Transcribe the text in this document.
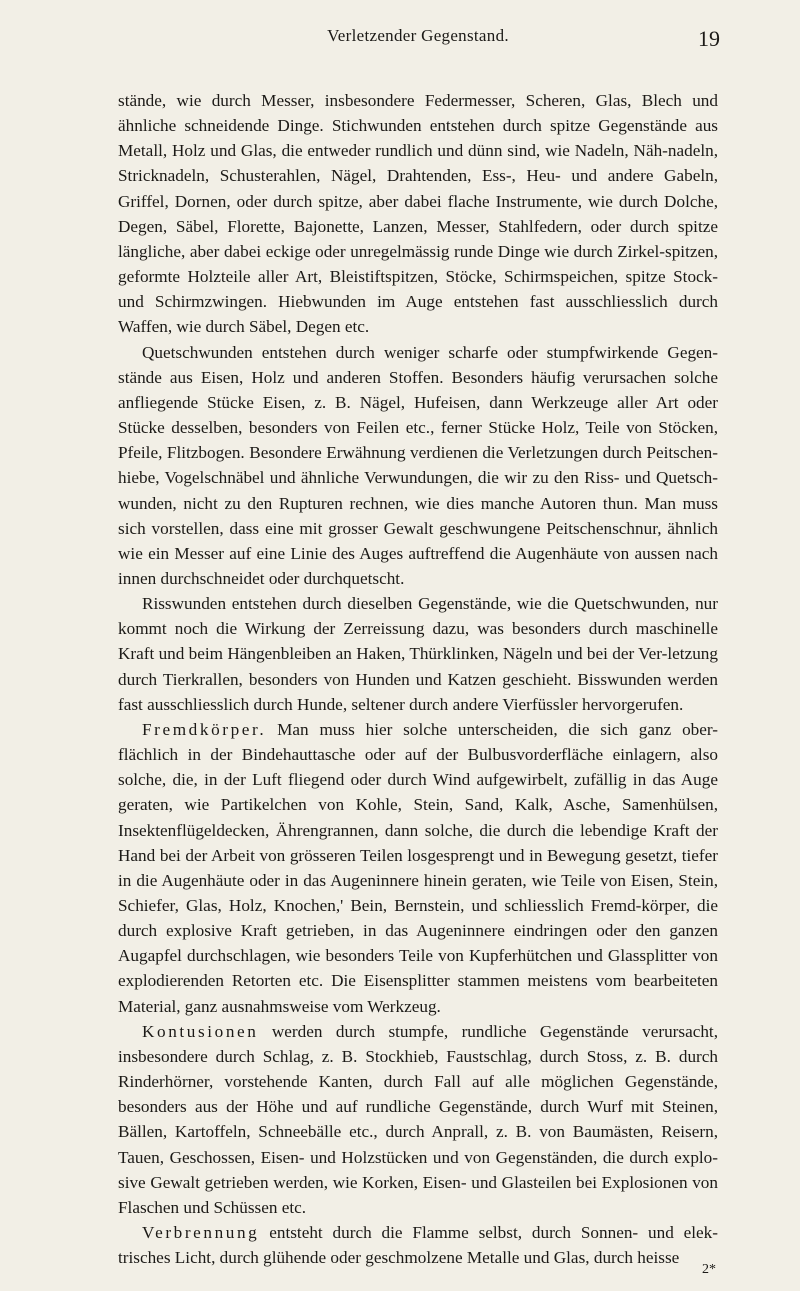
Verletzender Gegenstand.	19

stände, wie durch Messer, insbesondere Federmesser, Scheren, Glas, Blech und ähnliche schneidende Dinge. Stichwunden entstehen durch spitze Gegenstände aus Metall, Holz und Glas, die entweder rundlich und dünn sind, wie Nadeln, Näh-nadeln, Stricknadeln, Schusterahlen, Nägel, Drahtenden, Ess-, Heu- und andere Gabeln, Griffel, Dornen, oder durch spitze, aber dabei flache Instrumente, wie durch Dolche, Degen, Säbel, Florette, Bajonette, Lanzen, Messer, Stahlfedern, oder durch spitze längliche, aber dabei eckige oder unregelmässig runde Dinge wie durch Zirkel-spitzen, geformte Holzteile aller Art, Bleistiftspitzen, Stöcke, Schirmspeichen, spitze Stock- und Schirmzwingen. Hiebwunden im Auge entstehen fast ausschliesslich durch Waffen, wie durch Säbel, Degen etc.

Quetschwunden entstehen durch weniger scharfe oder stumpfwirkende Gegen-stände aus Eisen, Holz und anderen Stoffen. Besonders häufig verursachen solche anfliegende Stücke Eisen, z. B. Nägel, Hufeisen, dann Werkzeuge aller Art oder Stücke desselben, besonders von Feilen etc., ferner Stücke Holz, Teile von Stöcken, Pfeile, Flitzbogen. Besondere Erwähnung verdienen die Verletzungen durch Peitschen-hiebe, Vogelschnäbel und ähnliche Verwundungen, die wir zu den Riss- und Quetsch-wunden, nicht zu den Rupturen rechnen, wie dies manche Autoren thun. Man muss sich vorstellen, dass eine mit grosser Gewalt geschwungene Peitschenschnur, ähnlich wie ein Messer auf eine Linie des Auges auftreffend die Augenhäute von aussen nach innen durchschneidet oder durchquetscht.

Risswunden entstehen durch dieselben Gegenstände, wie die Quetschwunden, nur kommt noch die Wirkung der Zerreissung dazu, was besonders durch maschinelle Kraft und beim Hängenbleiben an Haken, Thürklinken, Nägeln und bei der Ver-letzung durch Tierkrallen, besonders von Hunden und Katzen geschieht. Bisswunden werden fast ausschliesslich durch Hunde, seltener durch andere Vierfüssler hervorgerufen.

Fremdkörper. Man muss hier solche unterscheiden, die sich ganz ober-flächlich in der Bindehauttasche oder auf der Bulbusvorderfläche einlagern, also solche, die, in der Luft fliegend oder durch Wind aufgewirbelt, zufällig in das Auge geraten, wie Partikelchen von Kohle, Stein, Sand, Kalk, Asche, Samenhülsen, Insektenflügeldecken, Ährengrannen, dann solche, die durch die lebendige Kraft der Hand bei der Arbeit von grösseren Teilen losgesprengt und in Bewegung gesetzt, tiefer in die Augenhäute oder in das Augeninnere hinein geraten, wie Teile von Eisen, Stein, Schiefer, Glas, Holz, Knochen,' Bein, Bernstein, und schliesslich Fremd-körper, die durch explosive Kraft getrieben, in das Augeninnere eindringen oder den ganzen Augapfel durchschlagen, wie besonders Teile von Kupferhütchen und Glassplitter von explodierenden Retorten etc. Die Eisensplitter stammen meistens vom bearbeiteten Material, ganz ausnahmsweise vom Werkzeug.

Kontusionen werden durch stumpfe, rundliche Gegenstände verursacht, insbesondere durch Schlag, z. B. Stockhieb, Faustschlag, durch Stoss, z. B. durch Rinderhörner, vorstehende Kanten, durch Fall auf alle möglichen Gegenstände, besonders aus der Höhe und auf rundliche Gegenstände, durch Wurf mit Steinen, Bällen, Kartoffeln, Schneebälle etc., durch Anprall, z. B. von Baumästen, Reisern, Tauen, Geschossen, Eisen- und Holzstücken und von Gegenständen, die durch explo-sive Gewalt getrieben werden, wie Korken, Eisen- und Glasteilen bei Explosionen von Flaschen und Schüssen etc.

Verbrennung entsteht durch die Flamme selbst, durch Sonnen- und elek-trisches Licht, durch glühende oder geschmolzene Metalle und Glas, durch heisse

2*
